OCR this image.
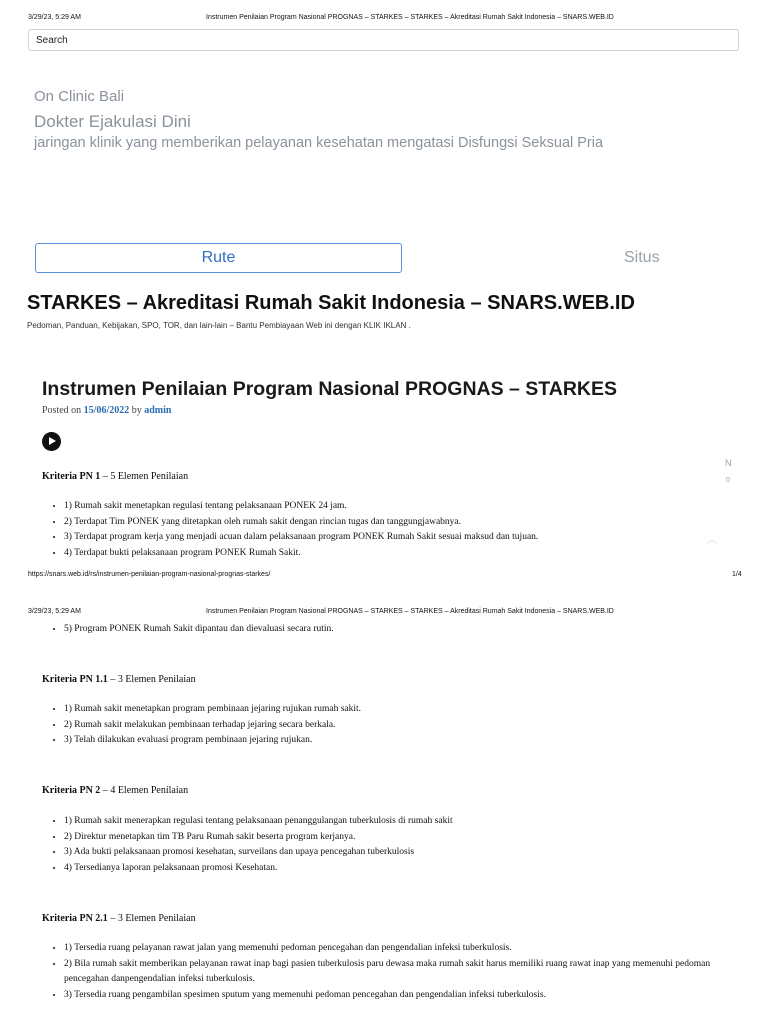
3/29/23, 5:29 AM	Instrumen Penilaian Program Nasional PROGNAS – STARKES – STARKES – Akreditasi Rumah Sakit Indonesia – SNARS.WEB.ID
Search
On Clinic Bali
Dokter Ejakulasi Dini
jaringan klinik yang memberikan pelayanan kesehatan mengatasi Disfungsi Seksual Pria
Rute	Situs
STARKES – Akreditasi Rumah Sakit Indonesia – SNARS.WEB.ID
Pedoman, Panduan, Kebijakan, SPO, TOR, dan lain-lain – Bantu Pembiayaan Web ini dengan KLIK IKLAN .
Instrumen Penilaian Program Nasional PROGNAS – STARKES
Posted on 15/06/2022 by admin
N
0
︿
Kriteria PN 1 – 5 Elemen Penilaian
• 1) Rumah sakit menetapkan regulasi tentang pelaksanaan PONEK 24 jam.
• 2) Terdapat Tim PONEK yang ditetapkan oleh rumah sakit dengan rincian tugas dan tanggungjawabnya.
• 3) Terdapat program kerja yang menjadi acuan dalam pelaksanaan program PONEK Rumah Sakit sesuai maksud dan tujuan.
• 4) Terdapat bukti pelaksanaan program PONEK Rumah Sakit.
https://snars.web.id/rs/instrumen-penilaian-program-nasional-prognas-starkes/	1/4
3/29/23, 5:29 AM	Instrumen Penilaian Program Nasional PROGNAS – STARKES – STARKES – Akreditasi Rumah Sakit Indonesia – SNARS.WEB.ID
• 5) Program PONEK Rumah Sakit dipantau dan dievaluasi secara rutin.
Kriteria PN 1.1 – 3 Elemen Penilaian
• 1) Rumah sakit menetapkan program pembinaan jejaring rujukan rumah sakit.
• 2) Rumah sakit melakukan pembinaan terhadap jejaring secara berkala.
• 3) Telah dilakukan evaluasi program pembinaan jejaring rujukan.
Kriteria PN 2 – 4 Elemen Penilaian
• 1) Rumah sakit menerapkan regulasi tentang pelaksanaan penanggulangan tuberkulosis di rumah sakit
• 2) Direktur menetapkan tim TB Paru Rumah sakit beserta program kerjanya.
• 3) Ada bukti pelaksanaan promosi kesehatan, surveilans dan upaya pencegahan tuberkulosis
• 4) Tersedianya laporan pelaksanaan promosi Kesehatan.
Kriteria PN 2.1 – 3 Elemen Penilaian
• 1) Tersedia ruang pelayanan rawat jalan yang memenuhi pedoman pencegahan dan pengendalian infeksi tuberkulosis.
• 2) Bila rumah sakit memberikan pelayanan rawat inap bagi pasien tuberkulosis paru dewasa maka rumah sakit harus memiliki ruang rawat inap yang memenuhi pedoman pencegahan danpengendalian infeksi tuberkulosis.
• 3) Tersedia ruang pengambilan spesimen sputum yang memenuhi pedoman pencegahan dan pengendalian infeksi tuberkulosis.
